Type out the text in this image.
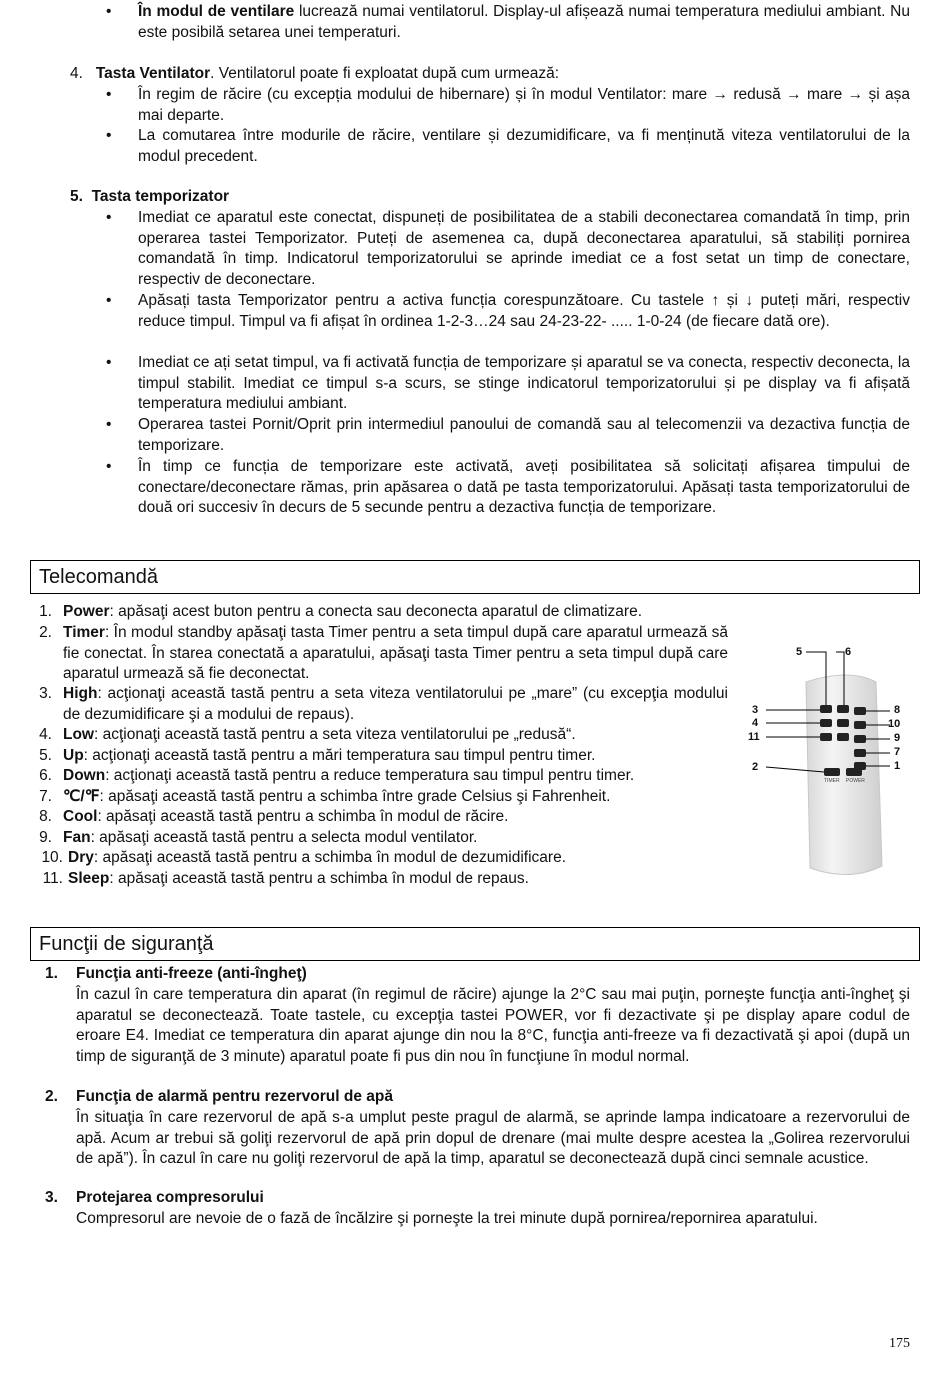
• În modul de ventilare lucrează numai ventilatorul. Display-ul afișează numai temperatura mediului ambiant. Nu este posibilă setarea unei temperaturi.
4. Tasta Ventilator. Ventilatorul poate fi exploatat după cum urmează:
• În regim de răcire (cu excepția modului de hibernare) și în modul Ventilator: mare → redusă → mare → și așa mai departe.
• La comutarea între modurile de răcire, ventilare și dezumidificare, va fi menținută viteza ventilatorului de la modul precedent.
5. Tasta temporizator
• Imediat ce aparatul este conectat, dispuneți de posibilitatea de a stabili deconectarea comandată în timp, prin operarea tastei Temporizator. Puteți de asemenea ca, după deconectarea aparatului, să stabiliți pornirea comandată în timp. Indicatorul temporizatorului se aprinde imediat ce a fost setat un timp de conectare, respectiv de deconectare.
• Apăsați tasta Temporizator pentru a activa funcția corespunzătoare. Cu tastele ↑ și ↓ puteți mări, respectiv reduce timpul. Timpul va fi afișat în ordinea 1-2-3…24 sau 24-23-22- ..... 1-0-24 (de fiecare dată ore).
• Imediat ce ați setat timpul, va fi activată funcția de temporizare și aparatul se va conecta, respectiv deconecta, la timpul stabilit. Imediat ce timpul s-a scurs, se stinge indicatorul temporizatorului și pe display va fi afișată temperatura mediului ambiant.
• Operarea tastei Pornit/Oprit prin intermediul panoului de comandă sau al telecomenzii va dezactiva funcția de temporizare.
• În timp ce funcția de temporizare este activată, aveți posibilitatea să solicitați afișarea timpului de conectare/deconectare rămas, prin apăsarea o dată pe tasta temporizatorului. Apăsați tasta temporizatorului de două ori succesiv în decurs de 5 secunde pentru a dezactiva funcția de temporizare.
Telecomandă
1. Power: apăsaţi acest buton pentru a conecta sau deconecta aparatul de climatizare.
2. Timer: În modul standby apăsaţi tasta Timer pentru a seta timpul după care aparatul urmează să fie conectat. În starea conectată a aparatului, apăsaţi tasta Timer pentru a seta timpul după care aparatul urmează să fie deconectat.
3. High: acţionaţi această tastă pentru a seta viteza ventilatorului pe „mare” (cu excepţia modului de dezumidificare şi a modului de repaus).
4. Low: acţionaţi această tastă pentru a seta viteza ventilatorului pe „redusă“.
5. Up: acţionaţi această tastă pentru a mări temperatura sau timpul pentru timer.
6. Down: acţionaţi această tastă pentru a reduce temperatura sau timpul pentru timer.
7. ℃/℉: apăsaţi această tastă pentru a schimba între grade Celsius şi Fahrenheit.
8. Cool: apăsaţi această tastă pentru a schimba în modul de răcire.
9. Fan: apăsaţi această tastă pentru a selecta modul ventilator.
10. Dry: apăsaţi această tastă pentru a schimba în modul de dezumidificare.
11. Sleep: apăsaţi această tastă pentru a schimba în modul de repaus.
5	6
3
4
11
2
8
10
9
7
1
TIMER POWER
Funcţii de siguranţă
1. Funcţia anti-freeze (anti-îngheţ)
În cazul în care temperatura din aparat (în regimul de răcire) ajunge la 2°C sau mai puţin, porneşte funcţia anti-îngheţ şi aparatul se deconectează. Toate tastele, cu excepţia tastei POWER, vor fi dezactivate şi pe display apare codul de eroare E4. Imediat ce temperatura din aparat ajunge din nou la 8°C, funcţia anti-freeze va fi dezactivată şi apoi (după un timp de siguranţă de 3 minute) aparatul poate fi pus din nou în funcţiune în modul normal.
2. Funcţia de alarmă pentru rezervorul de apă
În situaţia în care rezervorul de apă s-a umplut peste pragul de alarmă, se aprinde lampa indicatoare a rezervorului de apă. Acum ar trebui să goliţi rezervorul de apă prin dopul de drenare (mai multe despre acestea la „Golirea rezervorului de apă”). În cazul în care nu goliţi rezervorul de apă la timp, aparatul se deconectează după cinci semnale acustice.
3. Protejarea compresorului
Compresorul are nevoie de o fază de încălzire şi porneşte la trei minute după pornirea/repornirea aparatului.
175
